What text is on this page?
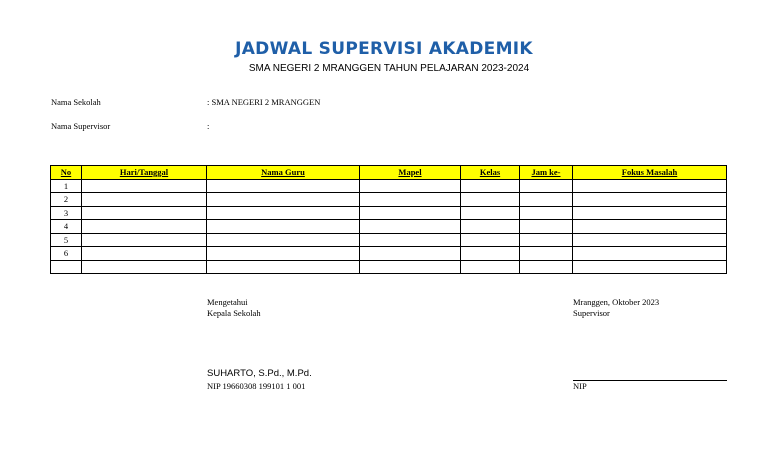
JADWAL SUPERVISI AKADEMIK
SMA NEGERI 2 MRANGGEN TAHUN PELAJARAN 2023-2024
Nama Sekolah	: SMA NEGERI 2 MRANGGEN
Nama Supervisor	:
No	Hari/Tanggal	Nama Guru	Mapel	Kelas	Jam ke-	Fokus Masalah
1						
2						
3						
4						
5						
6						

Mengetahui
Kepala Sekolah
SUHARTO, S.Pd., M.Pd.
NIP 19660308 199101 1 001
Mranggen, Oktober 2023
Supervisor
NIP
